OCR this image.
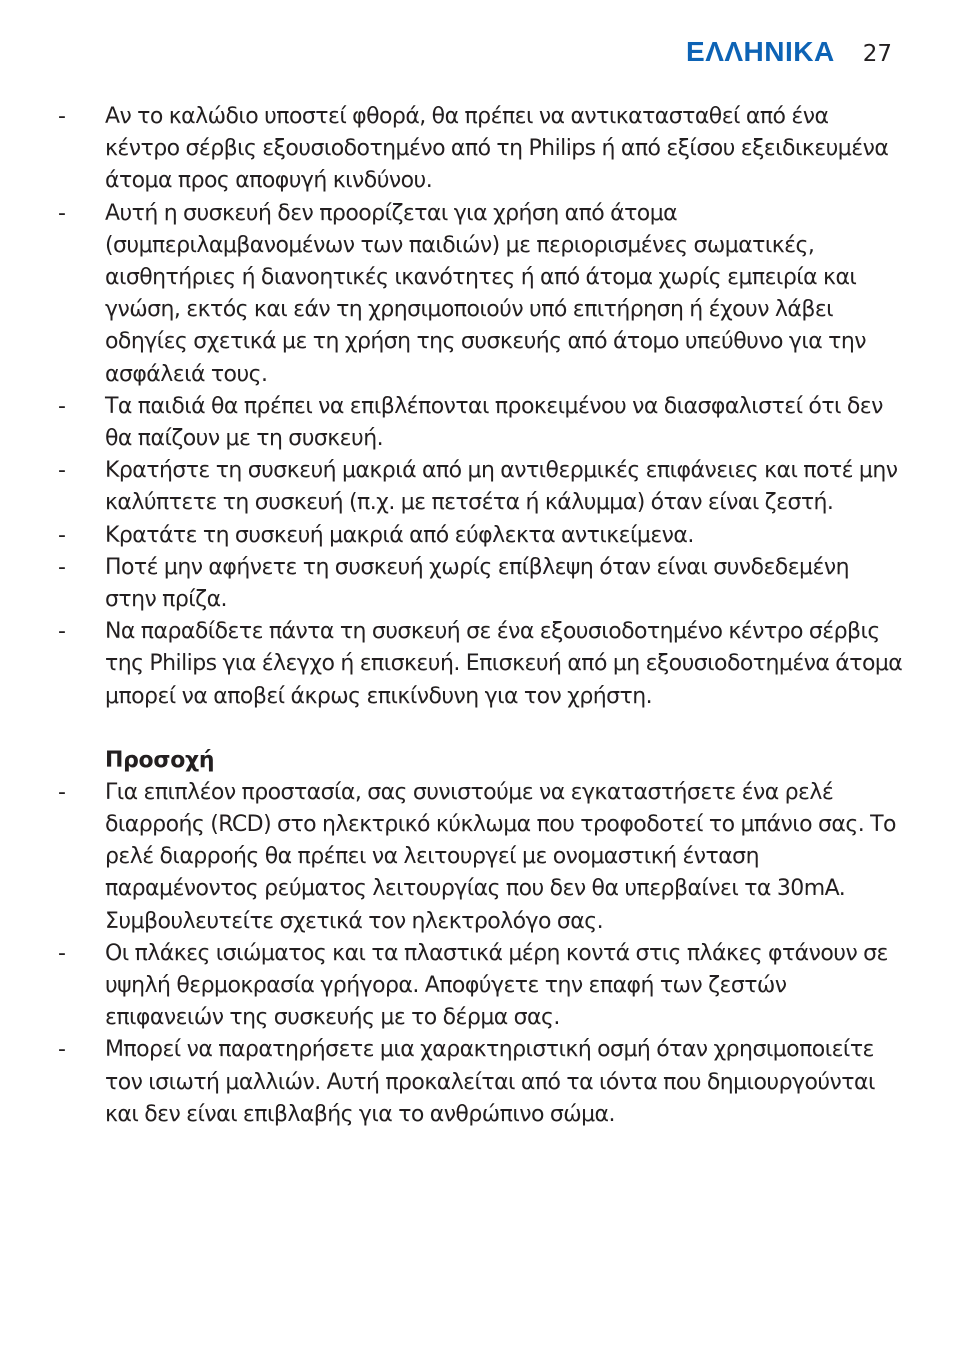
ΕΛΛΗΝΙΚΑ 27
- Αν το καλώδιο υποστεί φθορά, θα πρέπει να αντικατασταθεί από ένα κέντρο σέρβις εξουσιοδοτημένο από τη Philips ή από εξίσου εξειδικευμένα άτομα προς αποφυγή κινδύνου.
- Αυτή η συσκευή δεν προορίζεται για χρήση από άτομα (συμπεριλαμβανομένων των παιδιών) με περιορισμένες σωματικές, αισθητήριες ή διανοητικές ικανότητες ή από άτομα χωρίς εμπειρία και γνώση, εκτός και εάν τη χρησιμοποιούν υπό επιτήρηση ή έχουν λάβει οδηγίες σχετικά με τη χρήση της συσκευής από άτομο υπεύθυνο για την ασφάλειά τους.
- Τα παιδιά θα πρέπει να επιβλέπονται προκειμένου να διασφαλιστεί ότι δεν θα παίζουν με τη συσκευή.
- Κρατήστε τη συσκευή μακριά από μη αντιθερμικές επιφάνειες και ποτέ μην καλύπτετε τη συσκευή (π.χ. με πετσέτα ή κάλυμμα) όταν είναι ζεστή.
- Κρατάτε τη συσκευή μακριά από εύφλεκτα αντικείμενα.
- Ποτέ μην αφήνετε τη συσκευή χωρίς επίβλεψη όταν είναι συνδεδεμένη στην πρίζα.
- Να παραδίδετε πάντα τη συσκευή σε ένα εξουσιοδοτημένο κέντρο σέρβις της Philips για έλεγχο ή επισκευή. Επισκευή από μη εξουσιοδοτημένα άτομα μπορεί να αποβεί άκρως επικίνδυνη για τον χρήστη.
Προσοχή
- Για επιπλέον προστασία, σας συνιστούμε να εγκαταστήσετε ένα ρελέ διαρροής (RCD) στο ηλεκτρικό κύκλωμα που τροφοδοτεί το μπάνιο σας. Το ρελέ διαρροής θα πρέπει να λειτουργεί με ονομαστική ένταση παραμένοντος ρεύματος λειτουργίας που δεν θα υπερβαίνει τα 30mA. Συμβουλευτείτε σχετικά τον ηλεκτρολόγο σας.
- Οι πλάκες ισιώματος και τα πλαστικά μέρη κοντά στις πλάκες φτάνουν σε υψηλή θερμοκρασία γρήγορα. Αποφύγετε την επαφή των ζεστών επιφανειών της συσκευής με το δέρμα σας.
- Μπορεί να παρατηρήσετε μια χαρακτηριστική οσμή όταν χρησιμοποιείτε τον ισιωτή μαλλιών. Αυτή προκαλείται από τα ιόντα που δημιουργούνται και δεν είναι επιβλαβής για το ανθρώπινο σώμα.
